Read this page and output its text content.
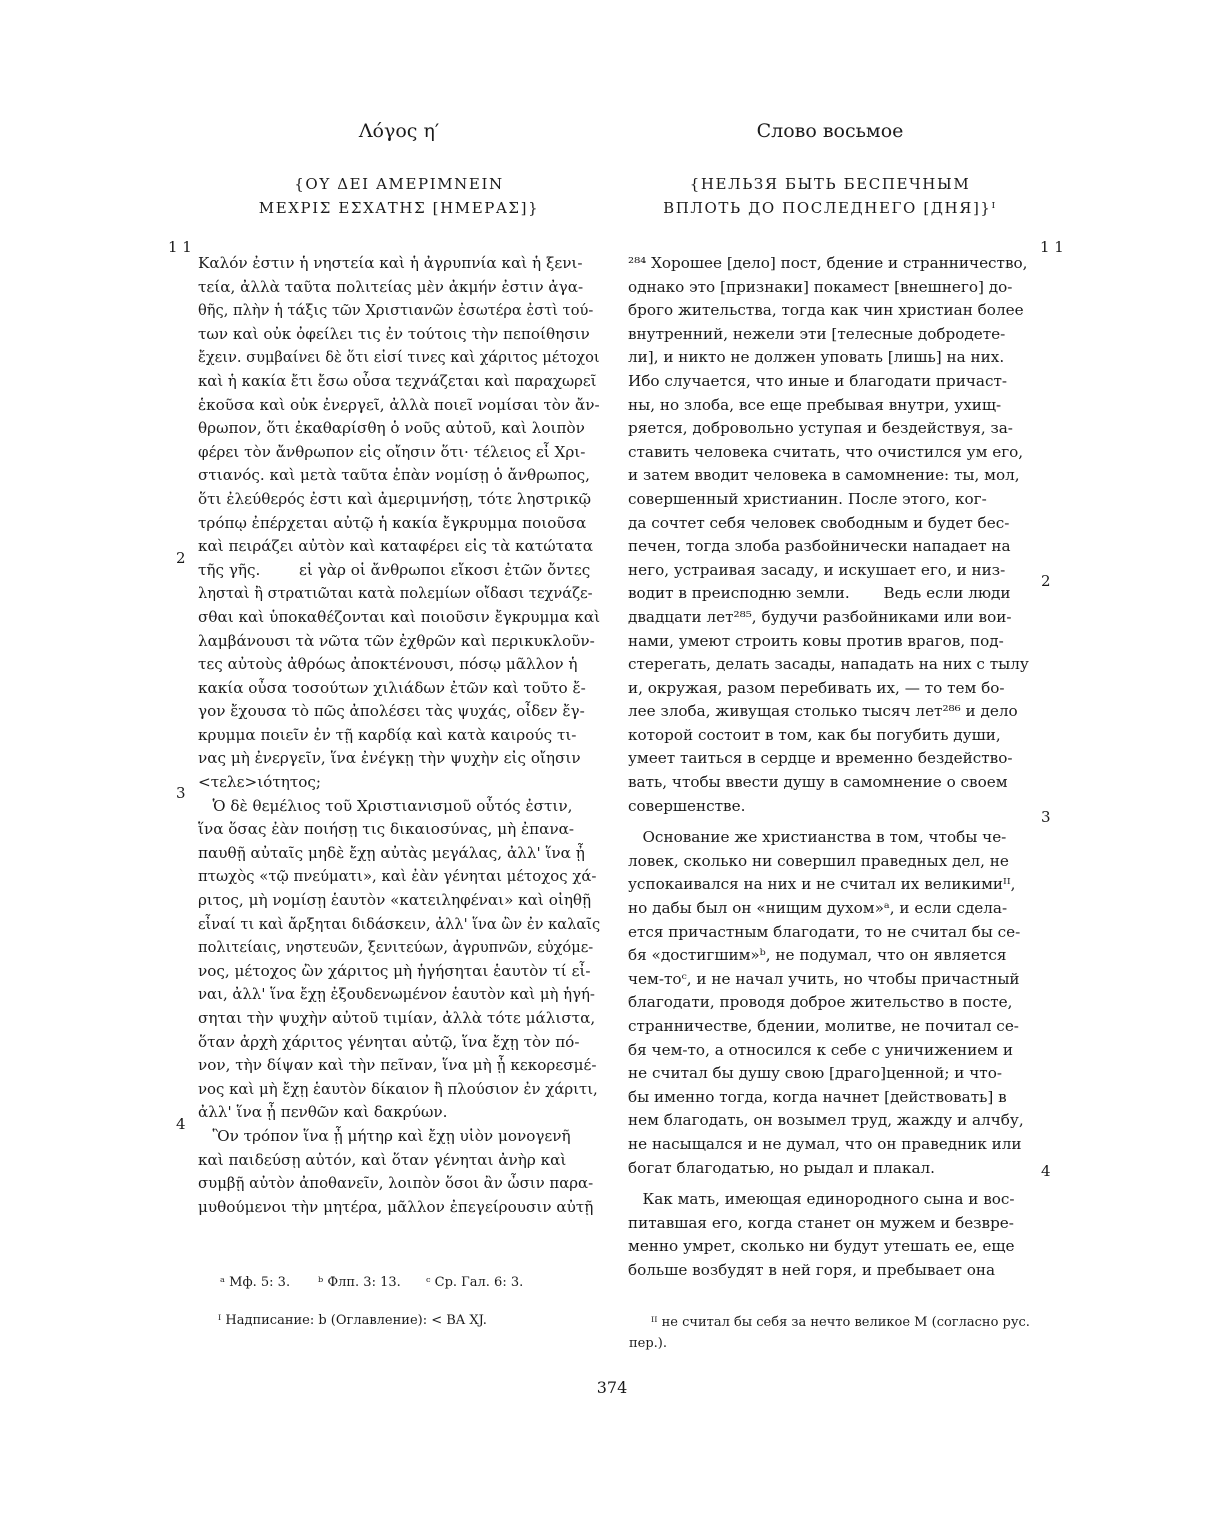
Λόγος η′
{ΟΥ ΔΕΙ ΑΜΕΡΙΜΝΕΙΝ
ΜΕΧΡΙΣ ΕΣΧΑΤΗΣ [ΗΜΕΡΑΣ]}
Καλόν ἐστιν ἡ νηστεία καὶ ἡ ἀγρυπνία καὶ ἡ ξενι-
τεία, ἀλλὰ ταῦτα πολιτείας μὲν ἀκμήν ἐστιν ἀγα-
θῆς, πλὴν ἡ τάξις τῶν Χριστιανῶν ἐσωτέρα ἐστὶ τού-
των καὶ οὐκ ὀφείλει τις ἐν τούτοις τὴν πεποίθησιν
ἔχειν. συμβαίνει δὲ ὅτι εἰσί τινες καὶ χάριτος μέτοχοι
καὶ ἡ κακία ἔτι ἔσω οὖσα τεχνάζεται καὶ παραχωρεῖ
ἑκοῦσα καὶ οὐκ ἐνεργεῖ, ἀλλὰ ποιεῖ νομίσαι τὸν ἄν-
θρωπον, ὅτι ἐκαθαρίσθη ὁ νοῦς αὐτοῦ, καὶ λοιπὸν
φέρει τὸν ἄνθρωπον εἰς οἴησιν ὅτι· τέλειος εἶ Χρι-
στιανός. καὶ μετὰ ταῦτα ἐπὰν νομίσῃ ὁ ἄνθρωπος,
ὅτι ἐλεύθερός ἐστι καὶ ἀμεριμνήσῃ, τότε ληστρικῷ
τρόπῳ ἐπέρχεται αὐτῷ ἡ κακία ἔγκρυμμα ποιοῦσα
καὶ πειράζει αὐτὸν καὶ καταφέρει εἰς τὰ κατώτατα
τῆς γῆς.        εἰ γὰρ οἱ ἄνθρωποι εἴκοσι ἐτῶν ὄντες
λησταὶ ἢ στρατιῶται κατὰ πολεμίων οἴδασι τεχνάζε-
σθαι καὶ ὑποκαθέζονται καὶ ποιοῦσιν ἔγκρυμμα καὶ
λαμβάνουσι τὰ νῶτα τῶν ἐχθρῶν καὶ περικυκλοῦν-
τες αὐτοὺς ἀθρόως ἀποκτένουσι, πόσῳ μᾶλλον ἡ
κακία οὖσα τοσούτων χιλιάδων ἐτῶν καὶ τοῦτο ἔ-
γον ἔχουσα τὸ πῶς ἀπολέσει τὰς ψυχάς, οἶδεν ἔγ-
κρυμμα ποιεῖν ἐν τῇ καρδίᾳ καὶ κατὰ καιρούς τι-
νας μὴ ἐνεργεῖν, ἵνα ἐνέγκῃ τὴν ψυχὴν εἰς οἴησιν
<τελε>ιότητος;
Ὁ δὲ θεμέλιος τοῦ Χριστιανισμοῦ οὗτός ἐστιν,
ἵνα ὅσας ἐὰν ποιήσῃ τις δικαιοσύνας, μὴ ἐπανα-
παυθῇ αὐταῖς μηδὲ ἔχῃ αὐτὰς μεγάλας, ἀλλ' ἵνα ᾖ
πτωχὸς «τῷ πνεύματι», καὶ ἐὰν γένηται μέτοχος χά-
ριτος, μὴ νομίσῃ ἑαυτὸν «κατειληφέναι» καὶ οἰηθῇ
εἶναί τι καὶ ἄρξηται διδάσκειν, ἀλλ' ἵνα ὢν ἐν καλαῖς
πολιτείαις, νηστευῶν, ξενιτεύων, ἀγρυπνῶν, εὐχόμε-
νος, μέτοχος ὢν χάριτος μὴ ἡγήσηται ἑαυτὸν τί εἶ-
ναι, ἀλλ' ἵνα ἔχῃ ἐξουδενωμένον ἑαυτὸν καὶ μὴ ἡγή-
σηται τὴν ψυχὴν αὐτοῦ τιμίαν, ἀλλὰ τότε μάλιστα,
ὅταν ἀρχὴ χάριτος γένηται αὐτῷ, ἵνα ἔχῃ τὸν πό-
νον, τὴν δίψαν καὶ τὴν πεῖναν, ἵνα μὴ ᾖ κεκορεσμέ-
νος καὶ μὴ ἔχῃ ἑαυτὸν δίκαιον ἢ πλούσιον ἐν χάριτι,
ἀλλ' ἵνα ᾖ πενθῶν καὶ δακρύων.
Ὃν τρόπον ἵνα ᾖ μήτηρ καὶ ἔχῃ υἱὸν μονογενῆ
καὶ παιδεύσῃ αὐτόν, καὶ ὅταν γένηται ἀνὴρ καὶ
συμβῇ αὐτὸν ἀποθανεῖν, λοιπὸν ὅσοι ἂν ὦσιν παρα-
μυθούμενοι τὴν μητέρα, μᾶλλον ἐπεγείρουσιν αὐτῇ
Слово восьмое
{НЕЛЬЗЯ БЫТЬ БЕСПЕЧНЫМ
ВПЛОТЬ ДО ПОСЛЕДНЕГО [ДНЯ]}ᴵ
²⁸⁴ Хорошее [дело] пост, бдение и странничество,
однако это [признаки] покамест [внешнего] до-
брого жительства, тогда как чин христиан более
внутренний, нежели эти [телесные добродете-
ли], и никто не должен уповать [лишь] на них.
Ибо случается, что иные и благодати причаст-
ны, но злоба, все еще пребывая внутри, ухищ-
ряется, добровольно уступая и бездействуя, за-
ставить человека считать, что очистился ум его,
и затем вводит человека в самомнение: ты, мол,
совершенный христианин. После этого, ког-
да сочтет себя человек свободным и будет бес-
печен, тогда злоба разбойнически нападает на
него, устраивая засаду, и искушает его, и низ-
водит в преисподню земли.       Ведь если люди
двадцати лет²⁸⁵, будучи разбойниками или вои-
нами, умеют строить ковы против врагов, под-
стерегать, делать засады, нападать на них с тылу
и, окружая, разом перебивать их, — то тем бо-
лее злоба, живущая столько тысяч лет²⁸⁶ и дело
которой состоит в том, как бы погубить души,
умеет таиться в сердце и временно бездейство-
вать, чтобы ввести душу в самомнение о своем
совершенстве.
Основание же христианства в том, чтобы че-
ловек, сколько ни совершил праведных дел, не
успокаивался на них и не считал их великимиᴵᴵ,
но дабы был он «нищим духом»ᵃ, и если сдела-
ется причастным благодати, то не считал бы се-
бя «достигшим»ᵇ, не подумал, что он является
чем-тоᶜ, и не начал учить, но чтобы причастный
благодати, проводя доброе жительство в посте,
странничестве, бдении, молитве, не почитал се-
бя чем-то, а относился к себе с уничижением и
не считал бы душу свою [драго]ценной; и что-
бы именно тогда, когда начнет [действовать] в
нем благодать, он возымел труд, жажду и алчбу,
не насыщался и не думал, что он праведник или
богат благодатью, но рыдал и плакал.
Как мать, имеющая единородного сына и вос-
питавшая его, когда станет он мужем и безвре-
менно умрет, сколько ни будут утешать ее, еще
больше возбудят в ней горя, и пребывает она
1 1
2
3
4
1 1
2
3
4
ᵃ Мф. 5: 3. ᵇ Флп. 3: 13. ᶜ Ср. Гал. 6: 3.
ᴵ Надписание: b (Оглавление): < BA XJ.	ᴵᴵ не считал бы себя за нечто великое M (согласно рус.
пер.).
374
